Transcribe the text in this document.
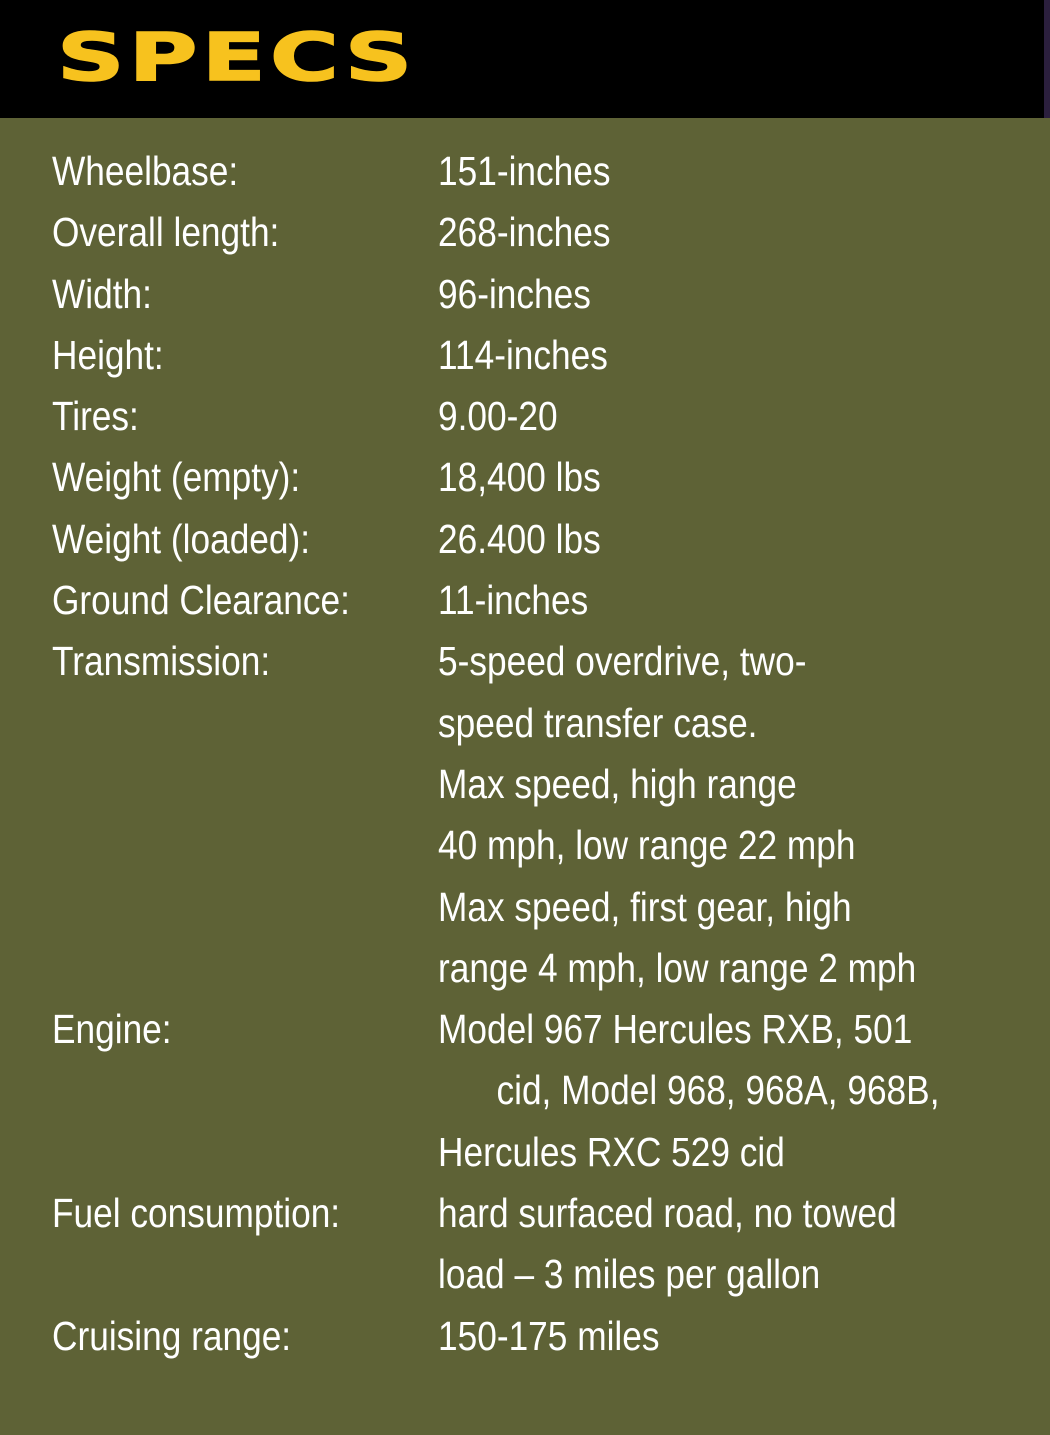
SPECS
Wheelbase:	151-inches
Overall length:	268-inches
Width:	96-inches
Height:	114-inches
Tires:	9.00-20
Weight (empty):	18,400 lbs
Weight (loaded):	26.400 lbs
Ground Clearance:	11-inches
Transmission:	5-speed overdrive, two-
speed transfer case.
Max speed, high range
40 mph, low range 22 mph
Max speed, first gear, high
range 4 mph, low range 2 mph
Engine:	Model 967 Hercules RXB, 501
cid, Model 968, 968A, 968B,
Hercules RXC 529 cid
Fuel consumption:	hard surfaced road, no towed
load – 3 miles per gallon
Cruising range:	150-175 miles
